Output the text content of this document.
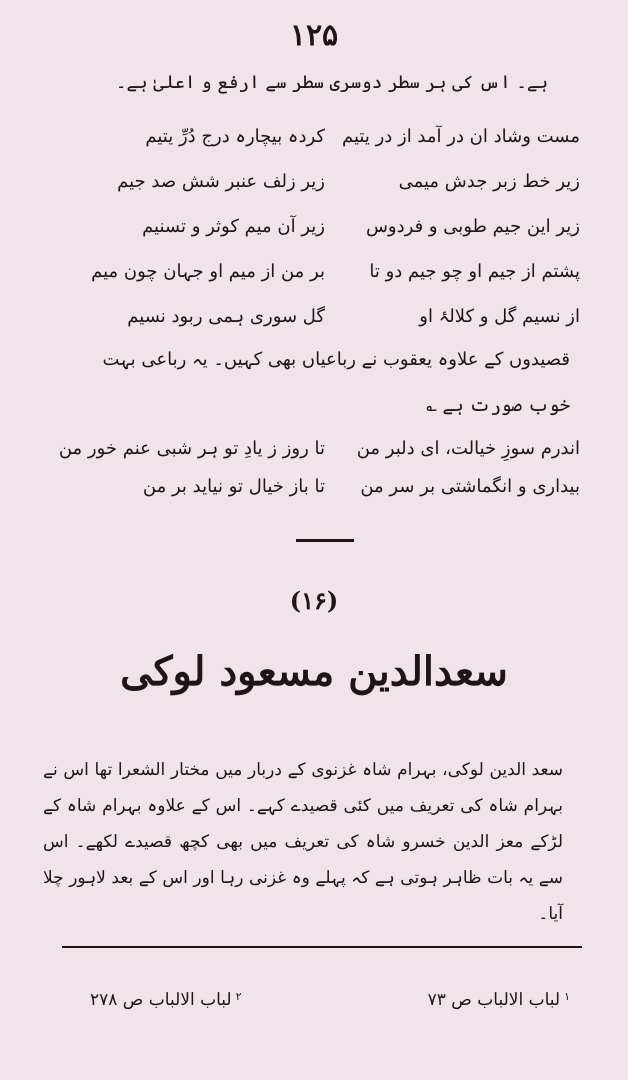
۱۲۵
ہے۔ اس کی ہر سطر دوسری سطر سے ارفع و اعلیٰ ہے۔
مست وشاد ان در آمد از در یتیم
کردہ بیچارہ درج دُرِّ یتیم
زیر خط زبر جدش میمی
زیر زلف عنبر شش صد جیم
زیر این جیم طوبی و فردوس
زیر آن میم کوثر و تسنیم
پشتم از جیم او چو جیم دو تا
بر من از میم او جہان چون میم
از نسیم گل و کلالۂ او
گل سوری ہمی ربود نسیم
قصیدوں کے علاوہ یعقوب نے رباعیاں بھی کہیں۔ یہ رباعی بہت
خوب صورت ہے ؎
اندرم سوزِ خیالت، ای دلبر من
تا روز ز یادِ تو ہر شبی عنم خور من
بیداری و انگماشتی بر سر من
تا باز خیال تو نیاید بر من
(۱۶)
سعدالدین مسعود لوکی
سعد الدین لوکی، بہرام شاہ غزنوی کے دربار میں مختار الشعرا تھا اس نے بہرام شاہ کی تعریف میں کئی قصیدے کہے۔ اس کے علاوہ بہرام شاہ کے لڑکے معز الدین خسرو شاہ کی تعریف میں بھی کچھ قصیدے لکھے۔ اس سے یہ بات ظاہر ہوتی ہے کہ پہلے وہ غزنی رہا اور اس کے بعد لاہور چلا آیا۔
۱
لباب الالباب ص ۷۳
۲
لباب الالباب ص ۲۷۸
